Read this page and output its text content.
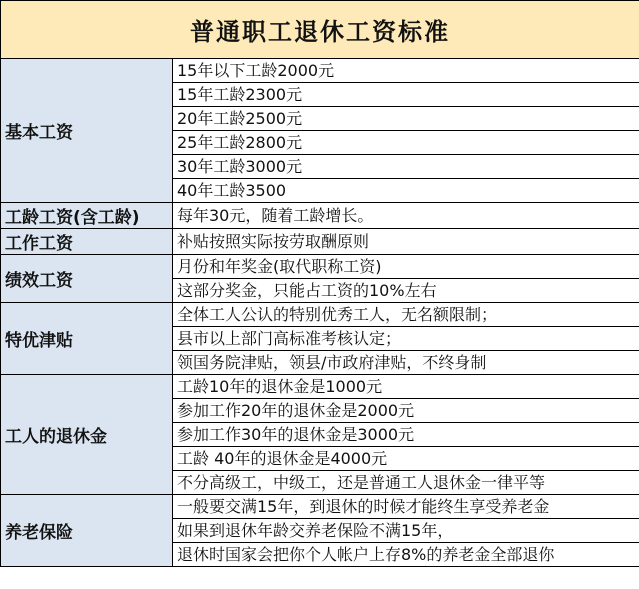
普通职工退休工资标准	
基本工资	15年以下工龄2000元
	15年工龄2300元
	20年工龄2500元
	25年工龄2800元
	30年工龄3000元
	40年工龄3500
工龄工资(含工龄)	每年30元，随着工龄增长。
工作工资	补贴按照实际按劳取酬原则
绩效工资	月份和年奖金(取代职称工资)
	这部分奖金，只能占工资的10%左右
特优津贴	全体工人公认的特别优秀工人，无名额限制；
	县市以上部门高标准考核认定；
	领国务院津贴，领县/市政府津贴，不终身制
工人的退休金	工龄10年的退休金是1000元
	参加工作20年的退休金是2000元
	参加工作30年的退休金是3000元
	工龄 40年的退休金是4000元
	不分高级工，中级工，还是普通工人退休金一律平等
养老保险	一般要交满15年，到退休的时候才能终生享受养老金
	如果到退休年龄交养老保险不满15年，
	退休时国家会把你个人帐户上存8%的养老金全部退你
